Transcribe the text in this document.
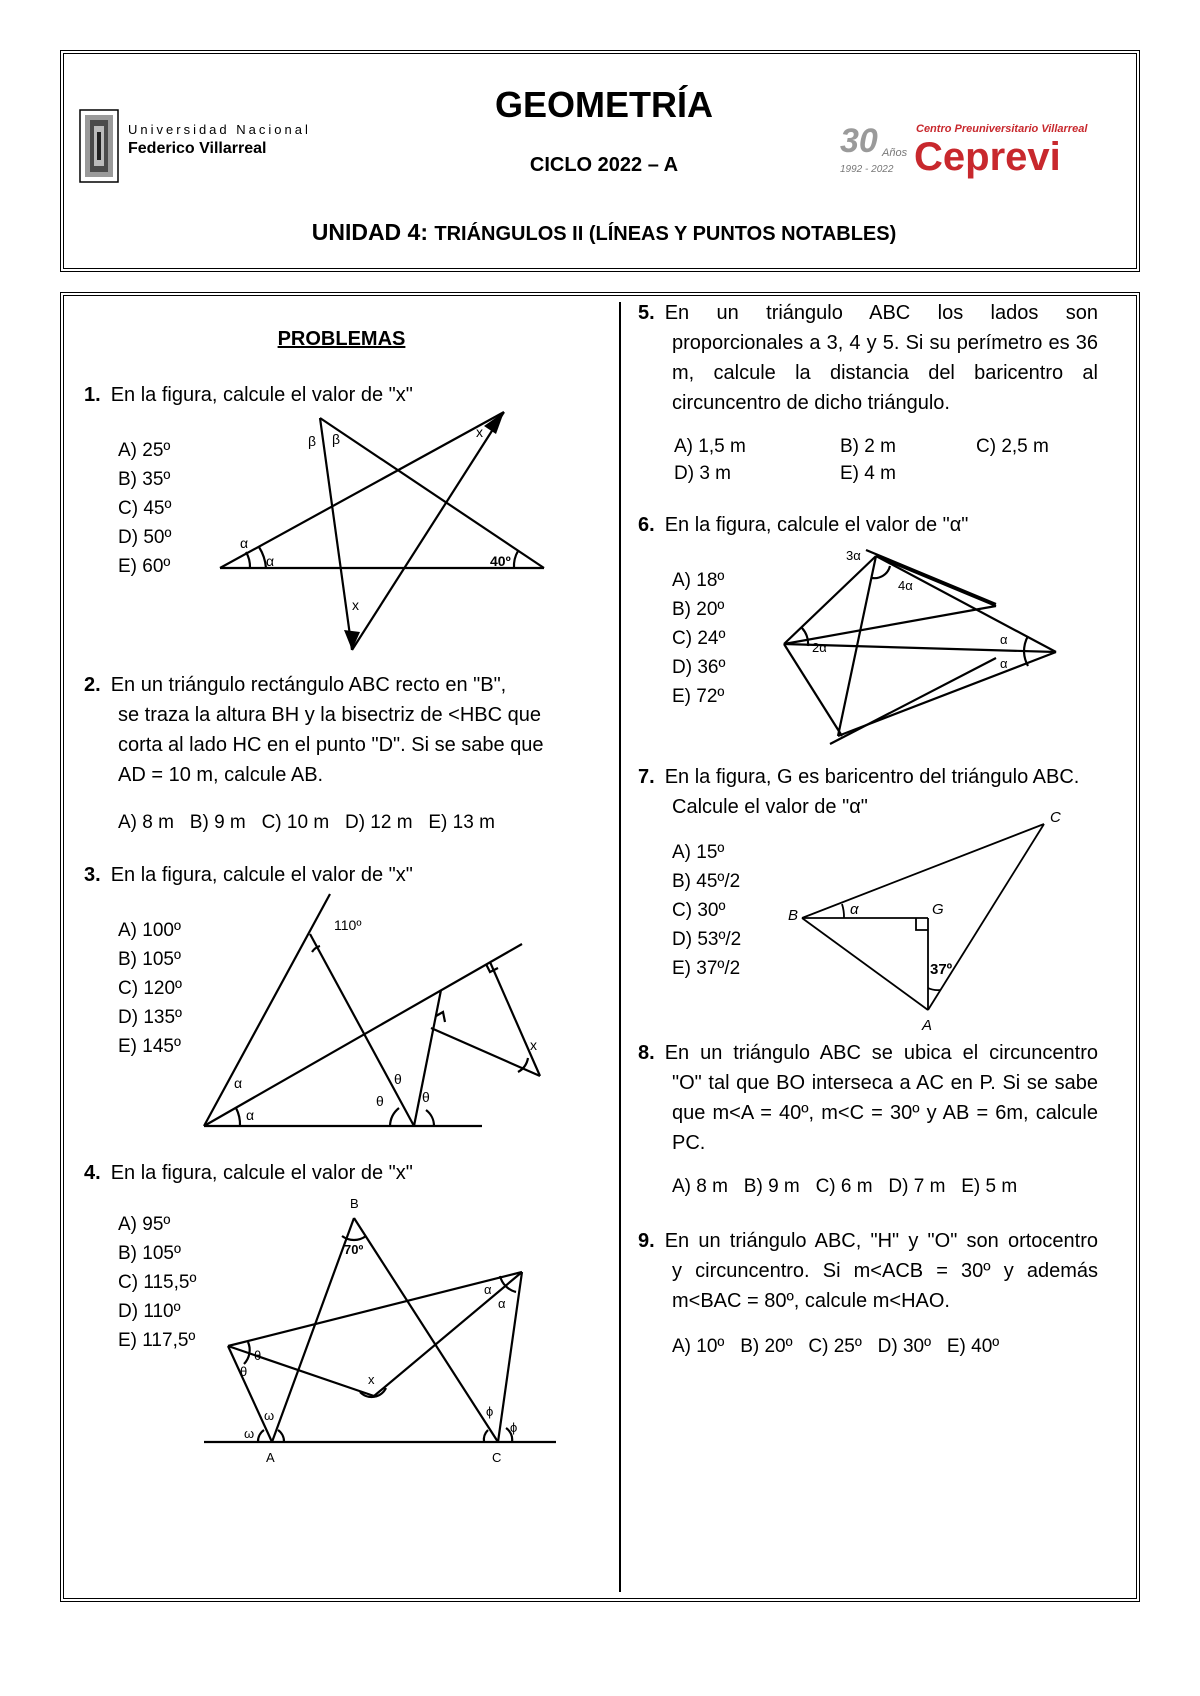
GEOMETRÍA
CICLO 2022 – A
UNIDAD 4: TRIÁNGULOS II (LÍNEAS Y PUNTOS NOTABLES)
Universidad Nacional
Federico Villarreal	30 Años
1992 - 2022
Centro Preuniversitario Villarreal
Ceprevi
PROBLEMAS
1. En la figura, calcule el valor de "x"
A) 25º
B) 35º
C) 45º
D) 50º
E) 60º
β β
α
α
x
x
40º
2. En un triángulo rectángulo ABC recto en "B",
se traza la altura BH y la bisectriz de <HBC que
corta al lado HC en el punto "D". Si se sabe que
AD = 10 m, calcule AB.
A) 8 m   B) 9 m   C) 10 m   D) 12 m   E) 13 m
3. En la figura, calcule el valor de "x"
A) 100º
B) 105º
C) 120º
D) 135º
E) 145º
110º
α
α
θ
θ	θ
x
4. En la figura, calcule el valor de "x"
A) 95º
B) 105º
C) 115,5º
D) 110º
E) 117,5º
B
A	C
70º
α
α
θ
θ
ω
ω
ϕ
ϕ
x
5. En un triángulo ABC los lados son
proporcionales a 3, 4 y 5. Si su perímetro es 36
m, calcule la distancia del baricentro al
circuncentro de dicho triángulo.
A) 1,5 m	B) 2 m	C) 2,5 m
D) 3 m	E) 4 m
6. En la figura, calcule el valor de "α"
A) 18º
B) 20º
C) 24º
D) 36º
E) 72º
3α
4α
2α
α
α
7. En la figura, G es baricentro del triángulo ABC.
Calcule el valor de "α"
A) 15º
B) 45º/2
C) 30º
D) 53º/2
E) 37º/2
C
B	G
A
α
37º
8. En un triángulo ABC se ubica el circuncentro
"O" tal que BO interseca a AC en P. Si se sabe
que m<A = 40º, m<C = 30º y AB = 6m, calcule
PC.
A) 8 m   B) 9 m   C) 6 m   D) 7 m   E) 5 m
9. En un triángulo ABC, "H" y "O" son ortocentro
y circuncentro. Si m<ACB = 30º y además
m<BAC = 80º, calcule m<HAO.
A) 10º   B) 20º   C) 25º   D) 30º   E) 40º
